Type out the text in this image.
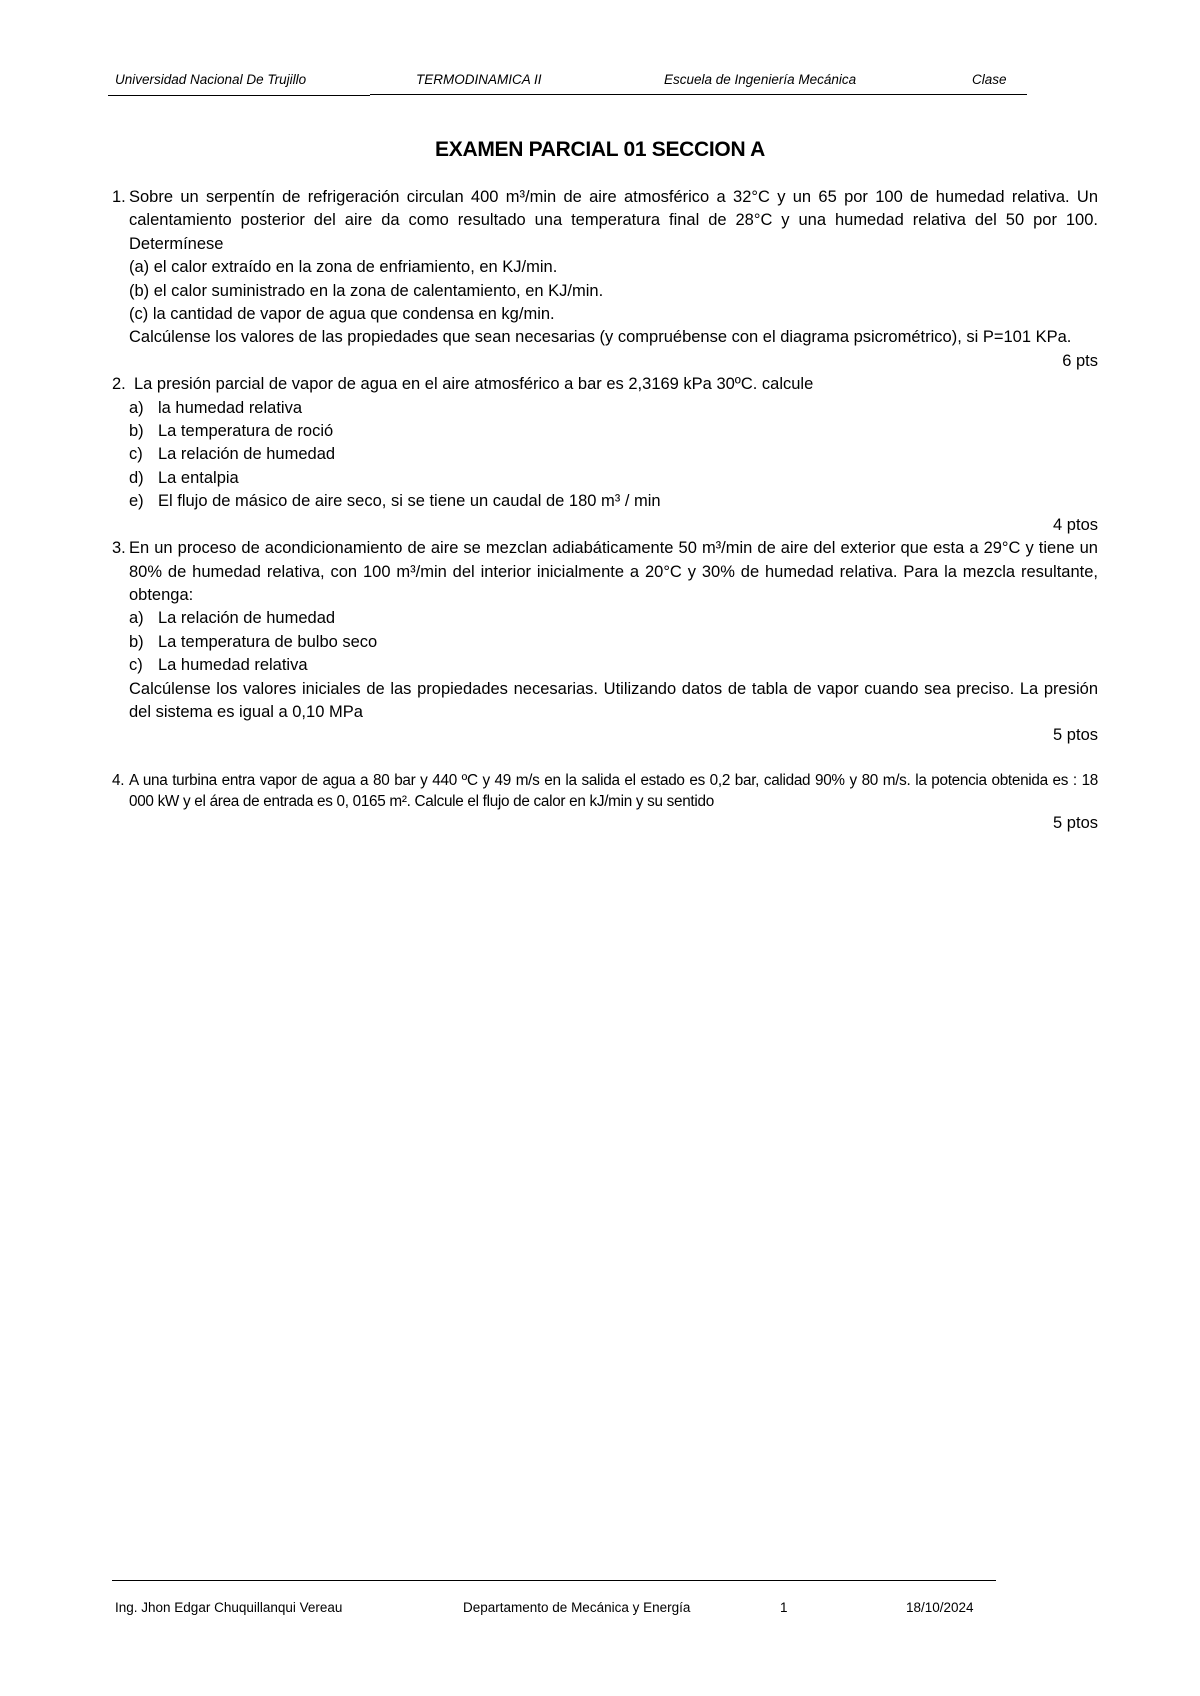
Universidad Nacional De Trujillo	TERMODINAMICA II	Escuela de Ingeniería Mecánica	Clase
EXAMEN PARCIAL 01 SECCION A
1. Sobre un serpentín de refrigeración circulan 400 m³/min de aire atmosférico a 32°C y un 65 por 100 de humedad relativa. Un calentamiento posterior del aire da como resultado una temperatura final de 28°C y una humedad relativa del 50 por 100. Determínese
(a) el calor extraído en la zona de enfriamiento, en KJ/min.
(b) el calor suministrado en la zona de calentamiento, en KJ/min.
(c) la cantidad de vapor de agua que condensa en kg/min.
Calcúlense los valores de las propiedades que sean necesarias (y compruébense con el diagrama psicrométrico), si P=101 KPa.
6 pts
2. La presión parcial de vapor de agua en el aire atmosférico a bar es 2,3169 kPa 30ºC. calcule
a) la humedad relativa
b) La temperatura de roció
c) La relación de humedad
d) La entalpia
e) El flujo de másico de aire seco, si se tiene un caudal de 180 m³ / min
4 ptos
3. En un proceso de acondicionamiento de aire se mezclan adiabáticamente 50 m³/min de aire del exterior que esta a 29°C y tiene un 80% de humedad relativa, con 100 m³/min del interior inicialmente a 20°C y 30% de humedad relativa. Para la mezcla resultante, obtenga:
a) La relación de humedad
b) La temperatura de bulbo seco
c) La humedad relativa
Calcúlense los valores iniciales de las propiedades necesarias. Utilizando datos de tabla de vapor cuando sea preciso. La presión del sistema es igual a 0,10 MPa
5 ptos
4. A una turbina entra vapor de agua a 80 bar y 440 ºC y 49 m/s en la salida el estado es 0,2 bar, calidad 90% y 80 m/s. la potencia obtenida es : 18 000 kW y el área de entrada es 0, 0165 m². Calcule el flujo de calor en kJ/min y su sentido
5 ptos
Ing. Jhon Edgar Chuquillanqui Vereau	Departamento de Mecánica y Energía	1	18/10/2024
